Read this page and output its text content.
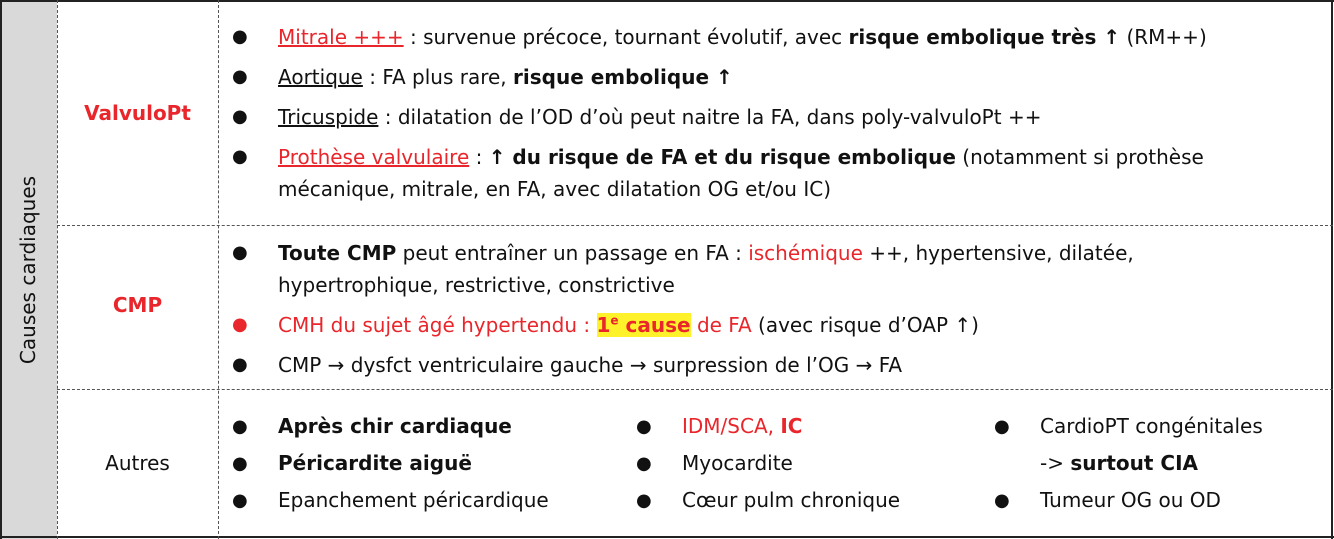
Causes cardiaques
ValvuloPt
● Mitrale +++ : survenue précoce, tournant évolutif, avec risque embolique très ↑ (RM++)
● Aortique : FA plus rare, risque embolique ↑
● Tricuspide : dilatation de l’OD d’où peut naitre la FA, dans poly-valvuloPt ++
● Prothèse valvulaire : ↑ du risque de FA et du risque embolique (notamment si prothèse
mécanique, mitrale, en FA, avec dilatation OG et/ou IC)
CMP
● Toute CMP peut entraîner un passage en FA : ischémique ++, hypertensive, dilatée,
hypertrophique, restrictive, constrictive
● CMH du sujet âgé hypertendu : 1e cause de FA (avec risque d’OAP ↑)
● CMP → dysfct ventriculaire gauche → surpression de l’OG → FA
Autres
● Après chir cardiaque
● Péricardite aiguë
● Epanchement péricardique
● IDM/SCA, IC
● Myocardite
● Cœur pulm chronique
● CardioPT congénitales
-> surtout CIA
● Tumeur OG ou OD
